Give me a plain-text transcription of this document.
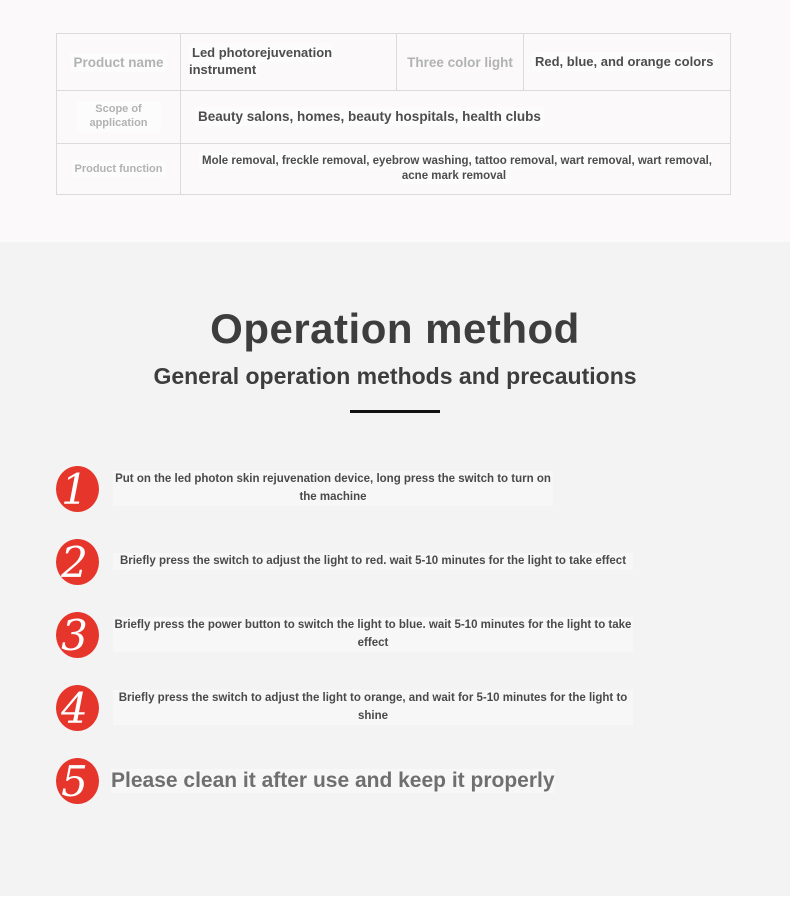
Product name	Led photorejuvenation instrument	Three color light	Red, blue, and orange colors
Scope of application	Beauty salons, homes, beauty hospitals, health clubs		
Product function	Mole removal, freckle removal, eyebrow washing, tattoo removal, wart removal, wart removal, acne mark removal		
Operation method
General operation methods and precautions
1 Put on the led photon skin rejuvenation device, long press the switch to turn on the machine
2	Briefly press the switch to adjust the light to red. wait 5-10 minutes for the light to take effect
3 Briefly press the power button to switch the light to blue. wait 5-10 minutes for the light to take effect
4	Briefly press the switch to adjust the light to orange, and wait for 5-10 minutes for the light to shine
5 Please clean it after use and keep it properly
